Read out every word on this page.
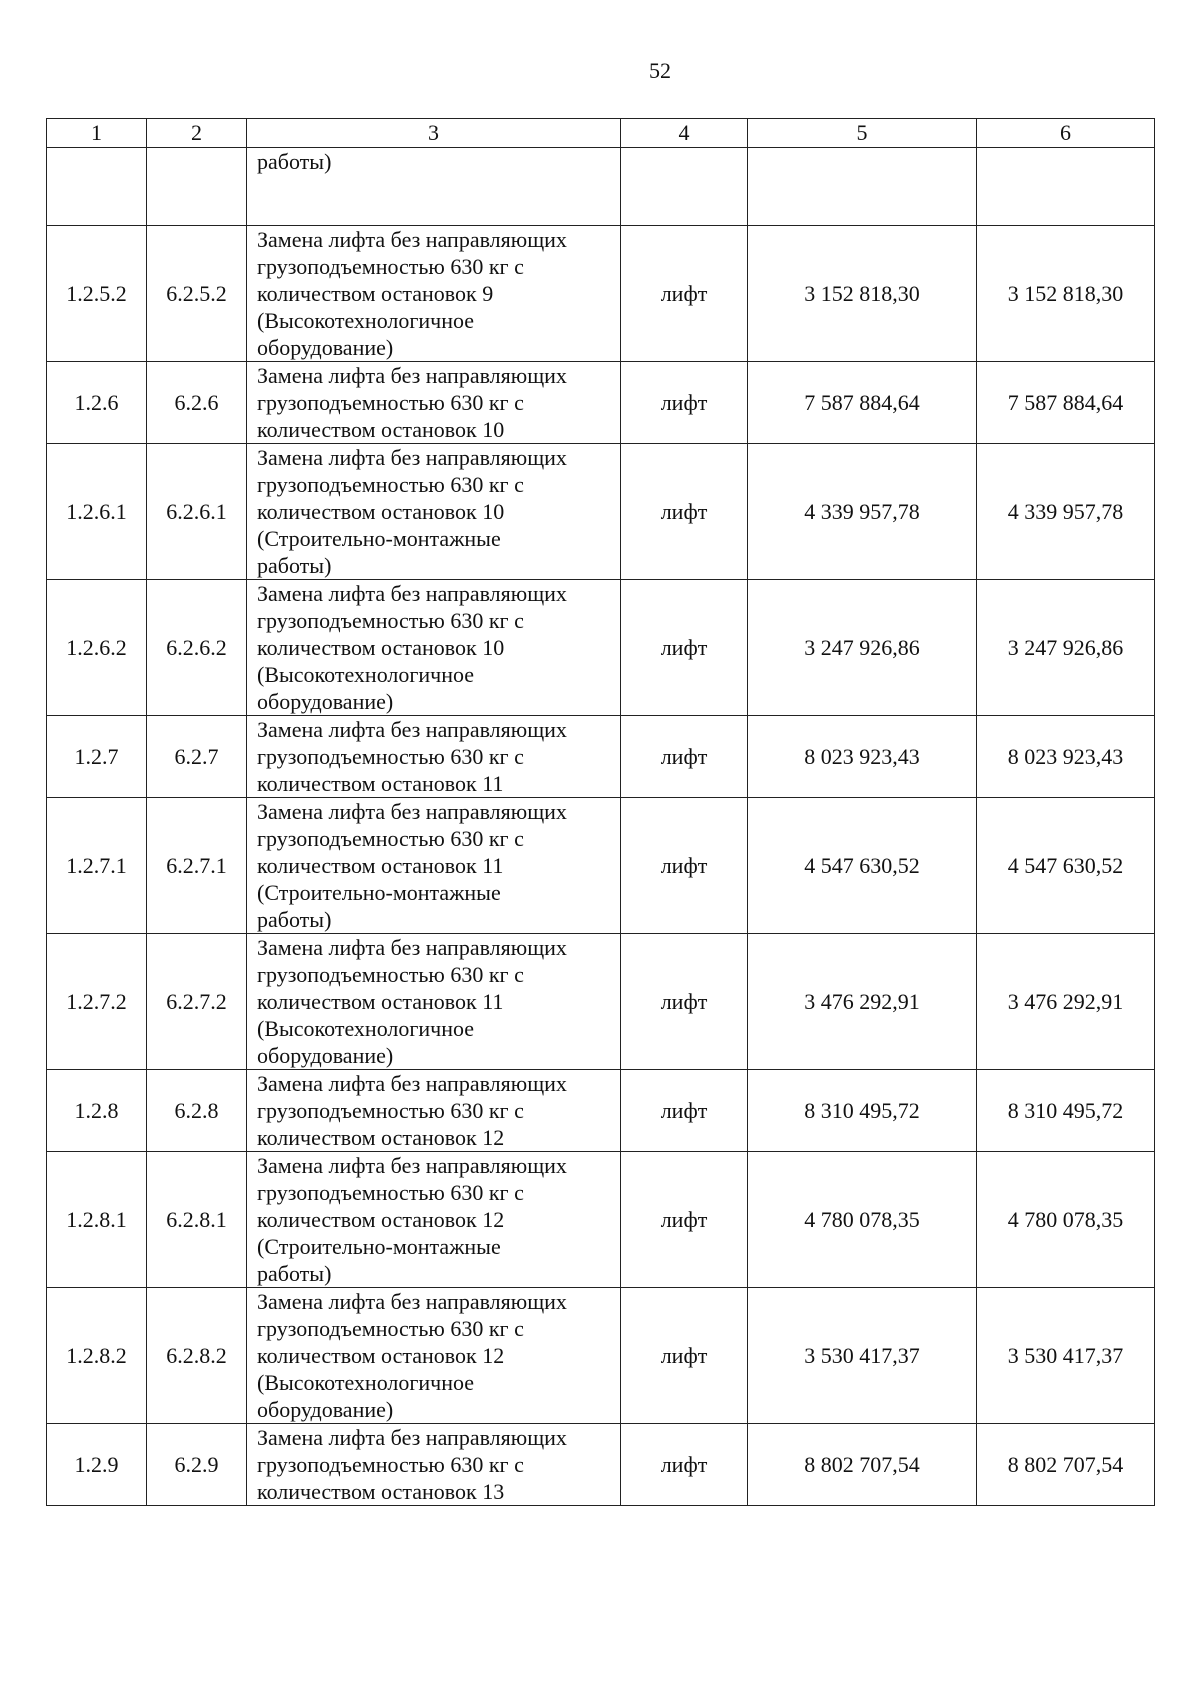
52
1	2	3	4	5	6

		работы)			

1.2.5.2	6.2.5.2	Замена лифта без направляющих
грузоподъемностью 630 кг с
количеством остановок 9
(Высокотехнологичное
оборудование)	лифт	3 152 818,30	3 152 818,30
1.2.6	6.2.6	Замена лифта без направляющих
грузоподъемностью 630 кг с
количеством остановок 10	лифт	7 587 884,64	7 587 884,64
1.2.6.1	6.2.6.1	Замена лифта без направляющих
грузоподъемностью 630 кг с
количеством остановок 10
(Строительно-монтажные
работы)	лифт	4 339 957,78	4 339 957,78
1.2.6.2	6.2.6.2	Замена лифта без направляющих
грузоподъемностью 630 кг с
количеством остановок 10
(Высокотехнологичное
оборудование)	лифт	3 247 926,86	3 247 926,86
1.2.7	6.2.7	Замена лифта без направляющих
грузоподъемностью 630 кг с
количеством остановок 11	лифт	8 023 923,43	8 023 923,43
1.2.7.1	6.2.7.1	Замена лифта без направляющих
грузоподъемностью 630 кг с
количеством остановок 11
(Строительно-монтажные
работы)	лифт	4 547 630,52	4 547 630,52
1.2.7.2	6.2.7.2	Замена лифта без направляющих
грузоподъемностью 630 кг с
количеством остановок 11
(Высокотехнологичное
оборудование)	лифт	3 476 292,91	3 476 292,91
1.2.8	6.2.8	Замена лифта без направляющих
грузоподъемностью 630 кг с
количеством остановок 12	лифт	8 310 495,72	8 310 495,72
1.2.8.1	6.2.8.1	Замена лифта без направляющих
грузоподъемностью 630 кг с
количеством остановок 12
(Строительно-монтажные
работы)	лифт	4 780 078,35	4 780 078,35
1.2.8.2	6.2.8.2	Замена лифта без направляющих
грузоподъемностью 630 кг с
количеством остановок 12
(Высокотехнологичное
оборудование)	лифт	3 530 417,37	3 530 417,37
1.2.9	6.2.9	Замена лифта без направляющих
грузоподъемностью 630 кг с
количеством остановок 13	лифт	8 802 707,54	8 802 707,54
